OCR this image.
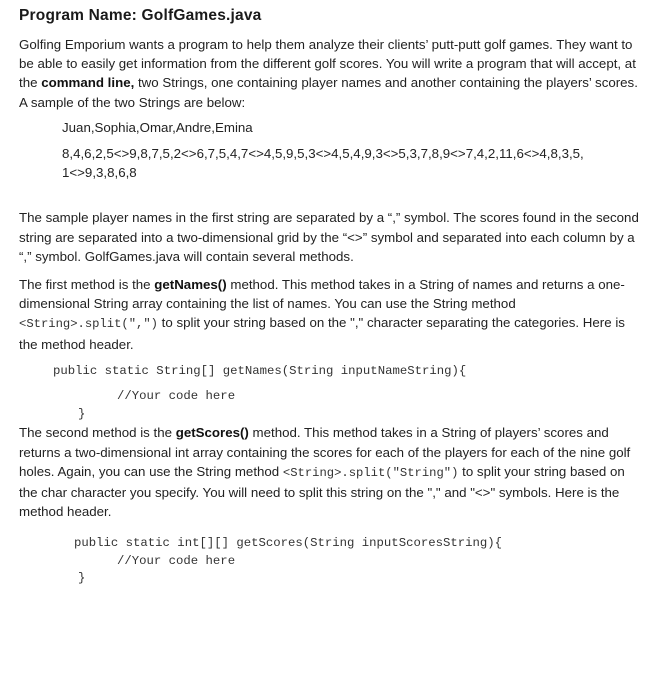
Program Name: GolfGames.java

Golfing Emporium wants a program to help them analyze their clients’ putt-putt golf games. They want to be able to easily get information from the different golf scores. You will write a program that will accept, at the command line, two Strings, one containing player names and another containing the players’ scores. A sample of the two Strings are below:

Juan,Sophia,Omar,Andre,Emina
8,4,6,2,5<>9,8,7,5,2<>6,7,5,4,7<>4,5,9,5,3<>4,5,4,9,3<>5,3,7,8,9<>7,4,2,11,6<>4,8,3,5,
1<>9,3,8,6,8

The sample player names in the first string are separated by a “,” symbol. The scores found in the second string are separated into a two-dimensional grid by the “<>” symbol and separated into each column by a “,” symbol. GolfGames.java will contain several methods.

The first method is the getNames() method. This method takes in a String of names and returns a one-dimensional String array containing the list of names. You can use the String method <String>.split(",") to split your string based on the "," character separating the categories. Here is the method header.

public static String[] getNames(String inputNameString){
//Your code here
}

The second method is the getScores() method. This method takes in a String of players’ scores and returns a two-dimensional int array containing the scores for each of the players for each of the nine golf holes. Again, you can use the String method <String>.split("String") to split your string based on the char character you specify. You will need to split this string on the "," and "<>" symbols. Here is the method header.

public static int[][] getScores(String inputScoresString){
//Your code here
}
